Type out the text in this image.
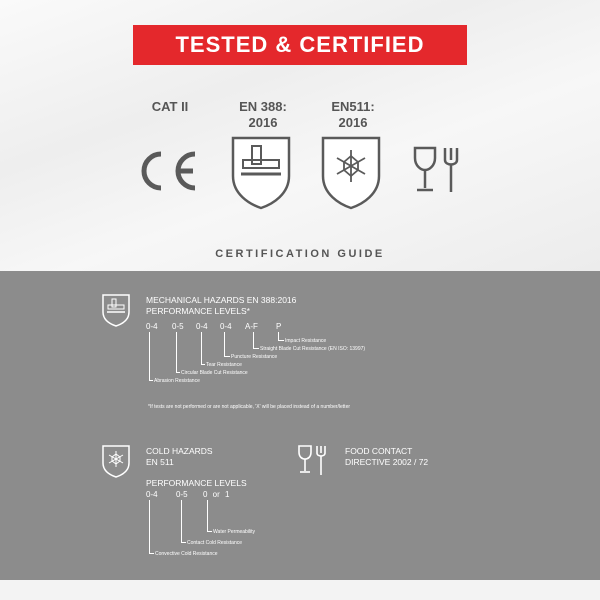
TESTED & CERTIFIED
CAT II	EN 388:
2016
EN511:
2016
CERTIFICATION GUIDE
MECHANICAL HAZARDS EN 388:2016
PERFORMANCE LEVELS*
0-4 0-5 0-4 0-4 A-F P
Impact Resistance
Straight Blade Cut Resistance (EN ISO: 13997)
Puncture Resistance
Tear Resistance
Circular Blade Cut Resistance
Abrasion Resistance
*If tests are not performed or are not applicable, 'X' will be placed instead of a number/letter
COLD HAZARDS
EN 511
PERFORMANCE LEVELS
0-4 0-5 0 or 1
Water Permeability
Contact Cold Resistance
Convective Cold Resistance
FOOD CONTACT
DIRECTIVE 2002 / 72
